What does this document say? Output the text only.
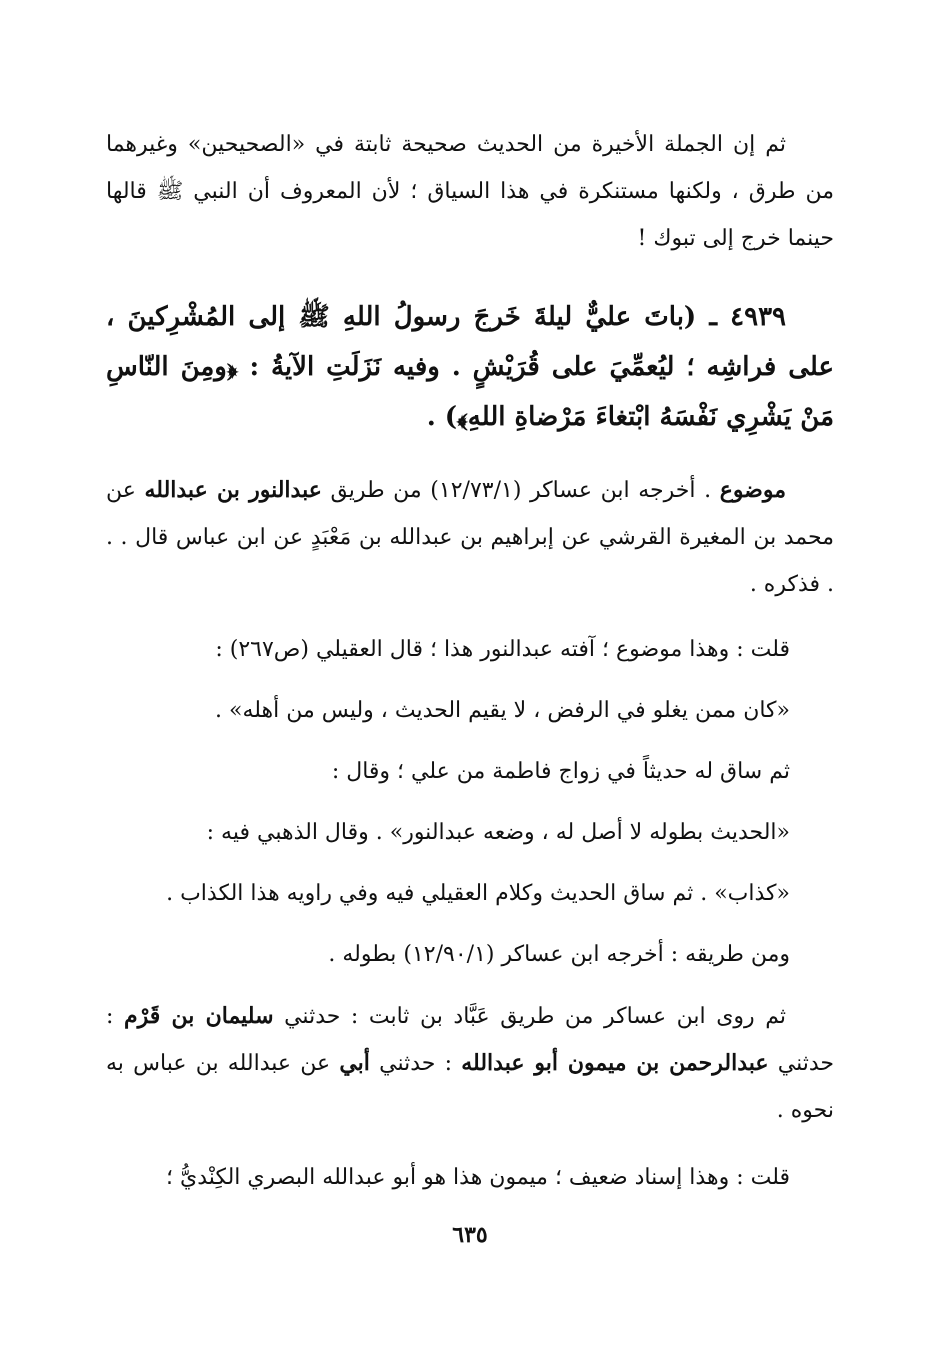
ثم إن الجملة الأخيرة من الحديث صحيحة ثابتة في «الصحيحين» وغيرهما من طرق ، ولكنها مستنكرة في هذا السياق ؛ لأن المعروف أن النبي ﷺ قالها حينما خرج إلى تبوك !

٤٩٣٩ ـ (باتَ عليٌّ ليلةَ خَرجَ رسولُ اللهِ ﷺ إلى المُشْرِكينَ ، على فراشِه ؛ ليُعمِّيَ على قُرَيْشٍ . وفيه نَزَلَتِ الآيةُ : ﴿ومِنَ النّاسِ مَنْ يَشْرِي نَفْسَهُ ابْتغاءَ مَرْضاةِ اللهِ﴾) .

موضوع . أخرجه ابن عساكر (١٢/٧٣/١) من طريق عبدالنور بن عبدالله عن محمد بن المغيرة القرشي عن إبراهيم بن عبدالله بن مَعْبَدٍ عن ابن عباس قال . . . فذكره .

قلت : وهذا موضوع ؛ آفته عبدالنور هذا ؛ قال العقيلي (ص٢٦٧) :
«كان ممن يغلو في الرفض ، لا يقيم الحديث ، وليس من أهله» .
ثم ساق له حديثاً في زواج فاطمة من علي ؛ وقال :
«الحديث بطوله لا أصل له ، وضعه عبدالنور» . وقال الذهبي فيه :
«كذاب» . ثم ساق الحديث وكلام العقيلي فيه وفي راويه هذا الكذاب .
ومن طريقه : أخرجه ابن عساكر (١٢/٩٠/١) بطوله .

ثم روى ابن عساكر من طريق عَبَّاد بن ثابت : حدثني سليمان بن قَرْم : حدثني عبدالرحمن بن ميمون أبو عبدالله : حدثني أبي عن عبدالله بن عباس به نحوه .

قلت : وهذا إسناد ضعيف ؛ ميمون هذا هو أبو عبدالله البصري الكِنْديُّ ؛
٦٣٥
